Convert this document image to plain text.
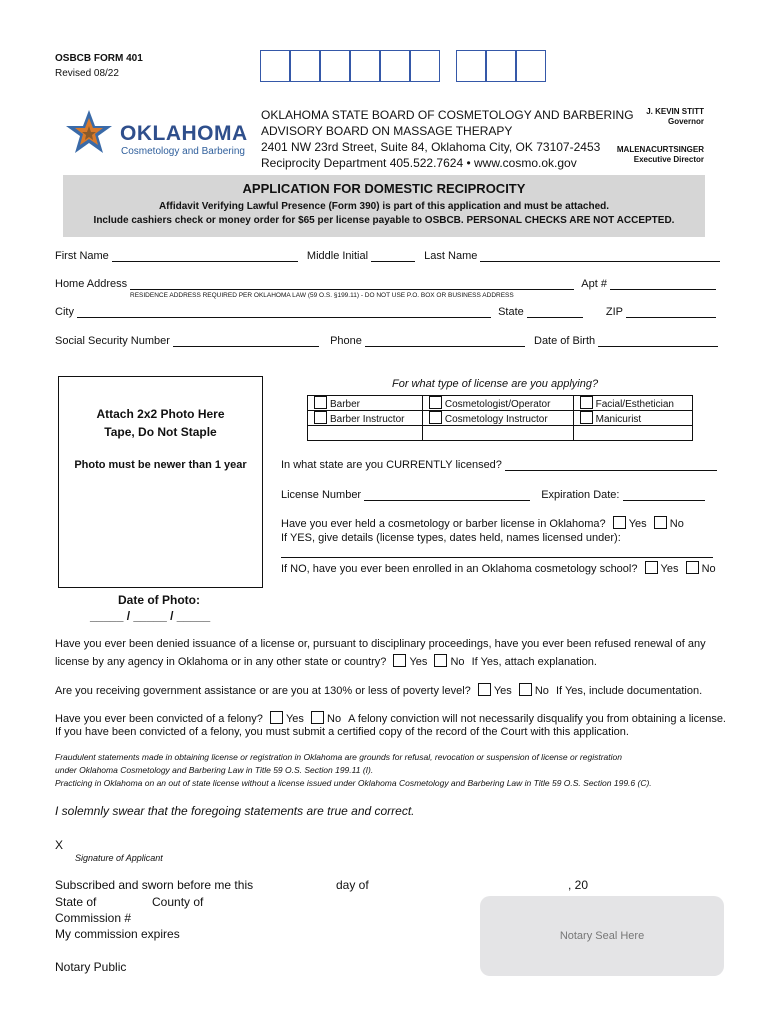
OSBCB FORM 401
Revised 08/22
OKLAHOMA
Cosmetology and Barbering
OKLAHOMA STATE BOARD OF COSMETOLOGY AND BARBERING
ADVISORY BOARD ON MASSAGE THERAPY
2401 NW 23rd Street, Suite 84, Oklahoma City, OK 73107-2453
Reciprocity Department 405.522.7624 • www.cosmo.ok.gov
J. KEVIN STITT
Governor
MALENACURTSINGER
Executive Director
APPLICATION FOR DOMESTIC RECIPROCITY
Affidavit Verifying Lawful Presence (Form 390) is part of this application and must be attached.
Include cashiers check or money order for $65 per license payable to OSBCB. PERSONAL CHECKS ARE NOT ACCEPTED.
First Name	Middle Initial	Last Name
Home Address	Apt #
RESIDENCE ADDRESS REQUIRED PER OKLAHOMA LAW (59 O.S. §199.11) - DO NOT USE P.O. BOX OR BUSINESS ADDRESS
City	State	ZIP
Social Security Number	Phone	Date of Birth
Attach 2x2 Photo Here
Tape, Do Not Staple
Photo must be newer than 1 year
Date of Photo:
_____ / _____ / _____
For what type of license are you applying?
Barber	Cosmetologist/Operator	Facial/Esthetician
Barber Instructor	Cosmetology Instructor	Manicurist

In what state are you CURRENTLY licensed?
License Number	Expiration Date:
Have you ever held a cosmetology or barber license in Oklahoma? Yes No
If YES, give details (license types, dates held, names licensed under):
If NO, have you ever been enrolled in an Oklahoma cosmetology school? Yes No
Have you ever been denied issuance of a license or, pursuant to disciplinary proceedings, have you ever been refused renewal of any
license by any agency in Oklahoma or in any other state or country? Yes No If Yes, attach explanation.
Are you receiving government assistance or are you at 130% or less of poverty level? Yes No If Yes, include documentation.
Have you ever been convicted of a felony? Yes No A felony conviction will not necessarily disqualify you from obtaining a license.
If you have been convicted of a felony, you must submit a certified copy of the record of the Court with this application.
Fraudulent statements made in obtaining license or registration in Oklahoma are grounds for refusal, revocation or suspension of license or registration
under Oklahoma Cosmetology and Barbering Law in Title 59 O.S. Section 199.11 (I).
Practicing in Oklahoma on an out of state license without a license issued under Oklahoma Cosmetology and Barbering Law in Title 59 O.S. Section 199.6 (C).
I solemnly swear that the foregoing statements are true and correct.
X
Signature of Applicant
Subscribed and sworn before me this	day of	, 20
State of	County of
Commission #
My commission expires
Notary Public
Notary Seal Here
